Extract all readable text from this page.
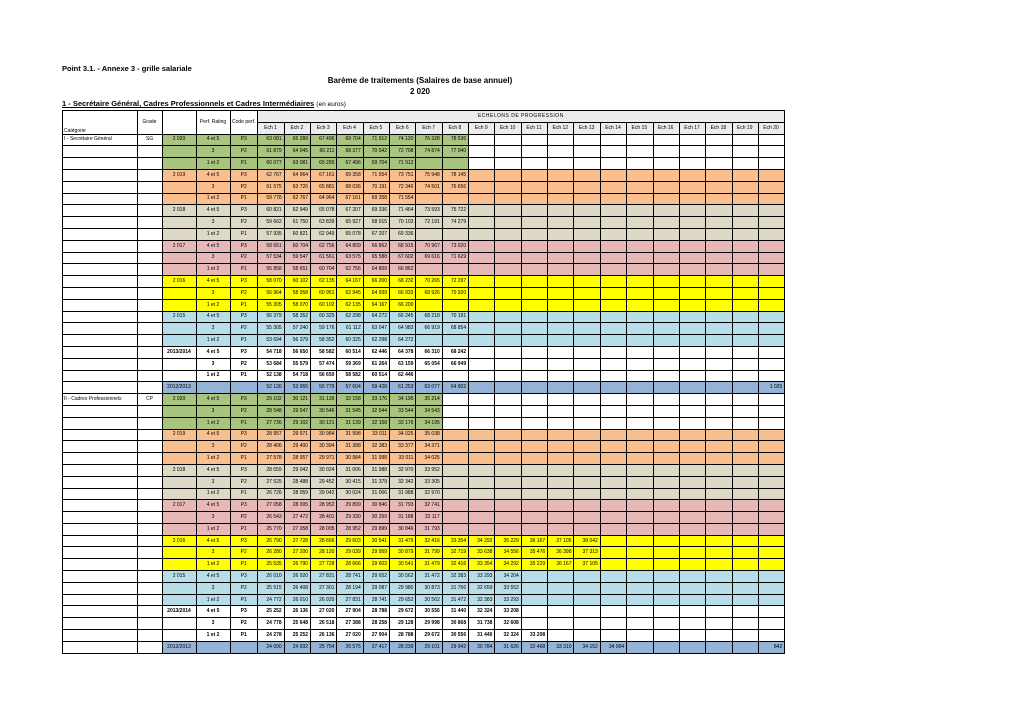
Point 3.1. - Annexe 3 - grille salariale
Barème de traitements (Salaires de base annuel)
2 020
1 - Secrétaire Général, Cadres Professionnels et Cadres Intermédiaires (en euros)
Catégorie	Grade		Perf. Rating	Code perf.	ECHELONS DE PROGRESSION																			
					Ech 1	Ech 2	Ech 3	Ech 4	Ech 5	Ech 6	Ech 7	Ech 8	Ech 9	Ech 10	Ech 11	Ech 12	Ech 13	Ech 14	Ech 15	Ech 16	Ech 17	Ech 18	Ech 19	Ech 20
I - Secrétaire Général	SG	2 020	4 et 5	P3	63 081	65 289	67 496	69 704	71 912	74 120	76 328	78 536												
			3	P2	61 879	64 045	66 211	68 377	70 542	72 708	74 874	77 040												
			1 et 2	P1	60 077	63 081	65 289	67 496	69 704	71 912														
		2 019	4 et 5	P3	62 767	64 964	67 161	69 358	71 554	73 751	75 948	78 145												
			3	P2	61 575	63 726	65 881	68 036	70 191	72 346	74 501	76 656												
			1 et 2	P1	59 778	62 767	64 964	67 161	69 358	71 554														
		2 018	4 et 5	P3	60 821	62 949	65 078	67 207	69 336	71 464	73 593	75 722												
			3	P2	59 662	61 750	63 839	65 927	68 015	70 103	72 191	74 279												
			1 et 2	P1	57 935	60 821	62 949	65 078	67 207	69 336														
		2 017	4 et 5	P3	58 651	60 704	62 756	64 809	66 862	68 915	70 967	73 020												
			3	P2	57 534	59 547	61 561	63 575	65 588	67 602	69 616	71 629												
			1 et 2	P1	55 858	58 651	60 704	62 756	64 809	66 862														
		2 016	4 et 5	P3	58 070	60 102	62 135	64 167	66 200	68 232	70 265	72 297												
			3	P2	56 964	58 958	60 951	62 945	64 939	66 933	68 926	70 920												
			1 et 2	P1	55 305	58 070	60 102	62 135	64 167	66 200														
		2 015	4 et 5	P3	56 379	58 352	60 325	62 298	64 272	66 245	68 218	70 191												
			3	P2	55 305	57 240	59 176	61 112	63 047	64 983	66 919	68 854												
			1 et 2	P1	53 694	56 379	58 352	60 325	62 298	64 272														
		2013/2014	4 et 5	P3	54 718	56 650	58 582	60 514	62 446	64 378	66 310	68 242												
			3	P2	53 684	55 579	57 474	59 369	61 264	63 159	65 054	66 949												
			1 et 2	P1	52 138	54 718	56 650	58 582	60 514	62 446														
		2012/2013			52 130	53 955	55 779	57 604	59 428	61 253	63 077	64 902												1 025
II - Cadres Professionnels	CP	2 020	4 et 5	P3	29 102	30 121	31 139	32 158	33 176	34 195	35 214													
			3	P2	28 548	29 547	30 546	31 545	32 544	33 544	34 543													
			1 et 2	P1	27 736	29 102	30 121	31 139	32 158	33 176	34 195													
		2 019	4 et 5	P3	28 957	29 971	30 984	31 998	33 011	34 025	35 038													
			3	P2	28 406	29 400	30 394	31 388	32 383	33 377	34 371													
			1 et 2	P1	27 578	28 957	29 971	30 984	31 998	33 011	34 025													
		2 018	4 et 5	P3	28 059	29 042	30 024	31 006	31 988	32 970	33 952													
			3	P2	27 525	28 488	29 452	30 415	31 379	32 342	33 305													
			1 et 2	P1	26 726	28 059	29 042	30 024	31 006	31 988	32 970													
		2 017	4 et 5	P3	27 058	28 005	28 952	29 899	30 846	31 793	32 741													
			3	P2	26 543	27 472	28 401	29 330	30 259	31 188	32 117													
			1 et 2	P1	25 770	27 058	28 005	28 952	29 899	30 846	31 793													
		2 016	4 et 5	P3	26 790	27 728	28 666	29 603	30 541	31 479	32 416	33 354	34 292	35 229	36 167	37 105	38 042							
			3	P2	26 280	27 200	28 120	29 039	29 959	30 879	31 799	32 719	33 638	34 556	35 476	36 398	37 313							
			1 et 2	P1	25 535	26 790	27 728	28 666	29 603	30 541	31 479	32 416	33 354	34 292	35 229	36 167	37 105							
		2 015	4 et 5	P3	26 010	26 920	27 831	28 741	29 652	30 562	31 472	32 383	33 293	34 204										
			3	P2	25 515	26 408	27 301	28 194	29 087	29 980	30 873	31 766	32 659	33 552										
			1 et 2	P1	24 772	26 010	26 920	27 831	28 741	29 652	30 562	31 472	32 383	33 293										
		2013/2014	4 et 5	P3	25 252	26 136	27 020	27 904	28 788	29 672	30 556	31 440	32 324	33 208										
			3	P2	24 778	25 648	26 518	27 388	28 258	29 128	29 998	30 868	31 738	32 608										
			1 et 2	P1	24 278	25 252	26 136	27 020	27 904	28 788	29 672	30 556	31 440	32 324	33 208									
		2012/2013			24 090	24 932	25 754	26 575	27 417	28 239	29 101	29 942	30 784	31 626	32 468	33 310	34 152	34 994						842
